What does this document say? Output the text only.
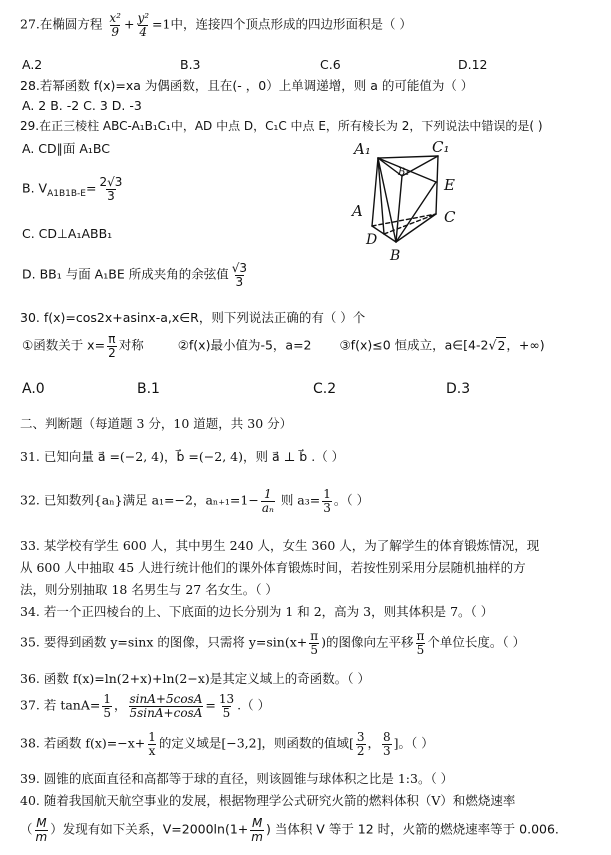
27.在椭圆方程 $\frac{\text{x²}}{9} + \frac{\text{y²}}{4} =1$中，连接四个顶点形成的四边形面积是（ ）
A.2	B.3	C.6	D.12
28.若幂函数 f(x)=xa 为偶函数，且在(- ，0）上单调递增，则 a 的可能值为（ ）
A. 2 B. -2 C. 3 D. -3
29.在正三棱柱 ABC-A₁B₁C₁中，AD 中点 D，C₁C 中点 E，所有棱长为 2，下列说法中错误的是( )
A. CD∥面 A₁BC
B. $V_{A1B1B-E}= \frac{2√3}{3}$
C. CD⊥A₁ABB₁
D. BB₁ 与面 A₁BE 所成夹角的余弦值 $\frac{√3}{3}$
A₁	C₁
B₁
E
A	C
D
B
30. f(x)=cos2x+asinx-a,x∈R，则下列说法正确的有（ ）个
①函数关于 $x= \frac{\pi}{2}$ 对称	②f(x)最小值为-5，a=2 ③f(x)≤0 恒成立，a∈[4-2√2，+∞)
A.0	B.1	C.2	D.3
二、判断题（每道题 3 分，10 道题，共 30 分）
31. 已知向量 a⃗ =(−2, 4)，b⃗ =(−2, 4)，则 a⃗ ⊥ b⃗ .（ ）
32. 已知数列{aₙ}满足 a₁=−2，$a_{n+1}=1- \frac{1}{\text{aₙ}}$ 则 $a_3= \frac{1}{3}$ 。（ ）
33. 某学校有学生 600 人，其中男生 240 人，女生 360 人，为了解学生的体育锻炼情况，现
从 600 人中抽取 45 人进行统计他们的课外体育锻炼时间，若按性别采用分层随机抽样的方
法，则分别抽取 18 名男生与 27 名女生。（ ）
34. 若一个正四棱台的上、下底面的边长分别为 1 和 2，高为 3，则其体积是 7。（ ）
35. 要得到函数 y=sinx 的图像，只需将 $y=\sin(x+ \frac{\pi}{5}$ )的图像向左平移 $\frac{\pi}{5}$ 个单位长度。（ ）
36. 函数 f(x)=ln(2+x)+ln(2−x)是其定义域上的奇函数。（ ）
37. 若 $\tan A= \frac{1}{5}$ ， $\frac{\sin A+5\cos A}{5\sin A+\cos A} = \frac{13}{5}$ .（ ）
38. 若函数 $f(x)=-x+ \frac{1}{x}$ 的定义域是[−3,2]，则函数的值域[ $\frac{3}{2}$ ， $\frac{8}{3}$ ]。（ ）
39. 圆锥的底面直径和高都等于球的直径，则该圆锥与球体积之比是 1:3。（ ）
40. 随着我国航天航空事业的发展，根据物理学公式研究火箭的燃料体积（V）和燃烧速率
（ $\frac{M}{m}$ ）发现有如下关系，$V=2000\ln(1+ \frac{M}{m}$ ) 当体积 V 等于 12 时，火箭的燃烧速率等于 0.006.
